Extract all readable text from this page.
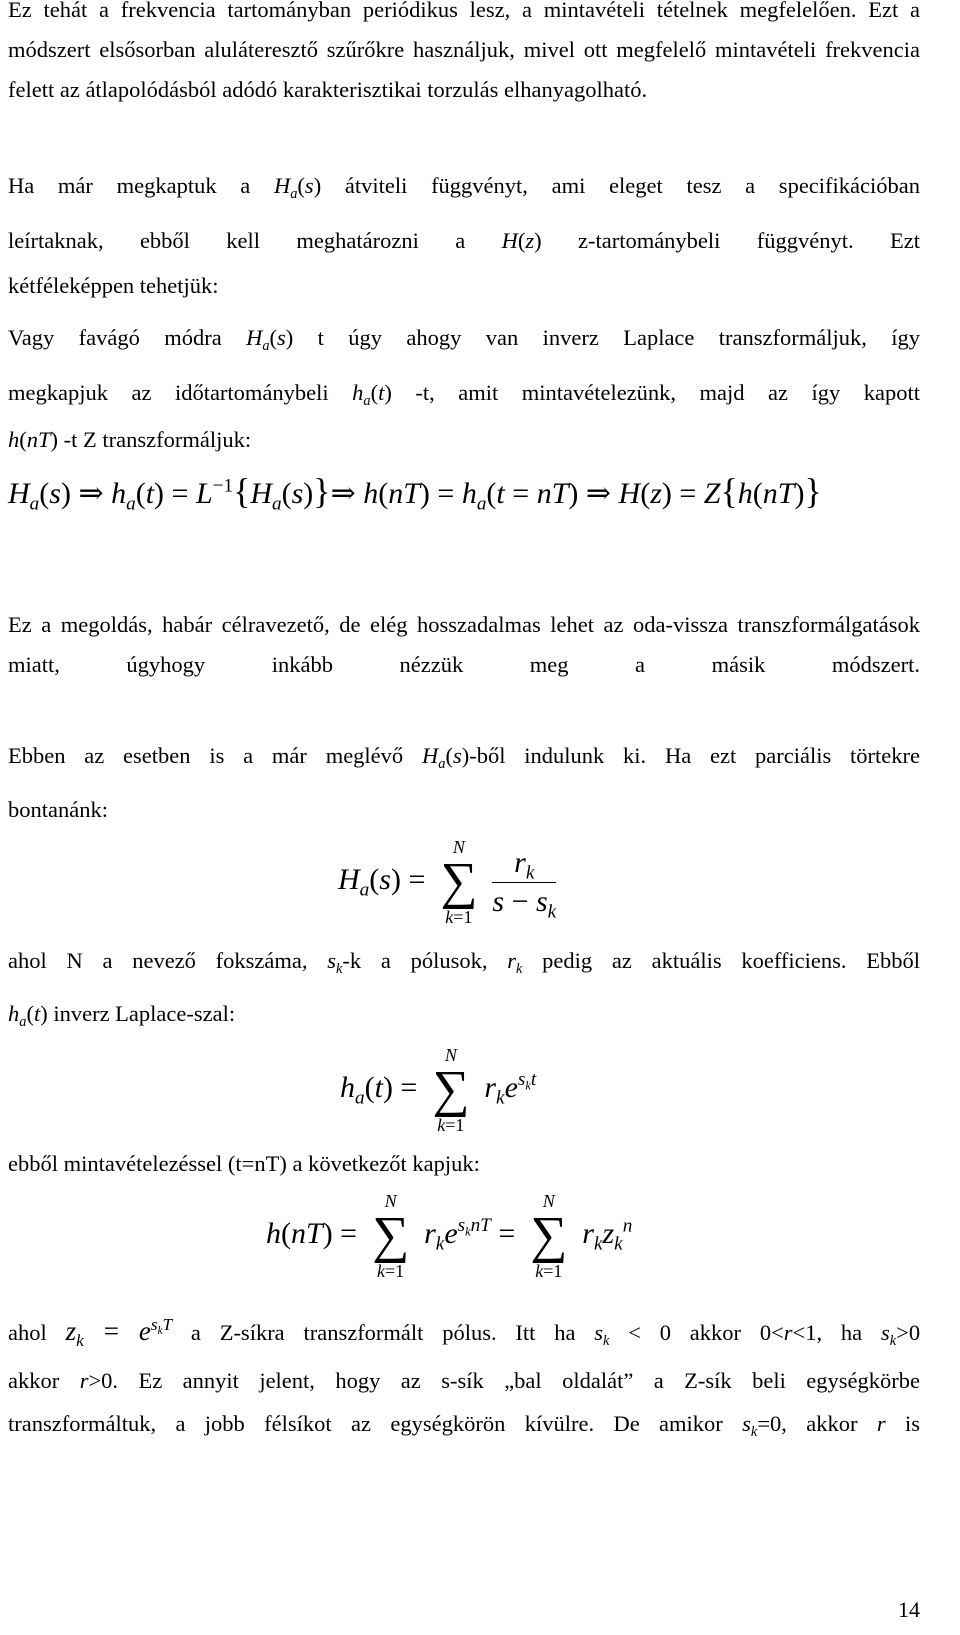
Ez tehát a frekvencia tartományban periódikus lesz, a mintavételi tételnek megfelelően. Ezt a módszert elsősorban aluláteresztő szűrőkre használjuk, mivel ott megfelelő mintavételi frekvencia felett az átlapolódásból adódó karakterisztikai torzulás elhanyagolható.
Ha már megkaptuk a $H_a(s)$ átviteli függvényt, ami eleget tesz a specifikációban
leírtaknak, ebből kell meghatározni a H(z) z-tartománybeli függvényt. Ezt
kétféleképpen tehetjük:
Vagy favágó módra $H_a(s)$ t úgy ahogy van inverz Laplace transzformáljuk, így
megkapjuk az időtartománybeli $h_a(t)$ -t, amit mintavételezünk, majd az így kapott
h(nT) -t Z transzformáljuk:
$H_a(s)$ ⇒ $h_a(t)$ = $L^{-1}\{H_a(s)\}\Rightarrow$ $h(nT) = h_a(t = nT)$ ⇒ H(z) = Z{h(nT)}
Ez a megoldás, habár célravezető, de elég hosszadalmas lehet az oda-vissza transzformálgatások miatt, úgyhogy inkább nézzük meg a másik módszert.
Ebben az esetben is a már meglévő $H_a(s)$-ből indulunk ki. Ha ezt parciális törtekre
bontanánk:
$H_a(s)$ =
N
∑
k=1
$\frac{r_k}{s - s_k}$
ahol N a nevező fokszáma, $s_k-k$ a pólusok, $r_k$ pedig az aktuális koefficiens. Ebből
$h_a(t)$ inverz Laplace-szal:
$h_a(t)$ =
N
∑
k=1
$r_ke^{s_kt}$
ebből mintavételezéssel (t=nT) a következőt kapjuk:
h(nT) =
N
∑
k=1
$r_ke^{s_knT}$ =
N
∑
k=1
$r_kz_k^n$
ahol $z_k = e^{s_kT}$ a Z-síkra transzformált pólus. Itt ha $s_k < 0$ akkor 0<r<1, ha $s_k>0$
akkor r>0. Ez annyit jelent, hogy az s-sík „bal oldalát” a Z-sík beli egységkörbe
transzformáltuk, a jobb félsíkot az egységkörön kívülre. De amikor $s_k=0$, akkor r is
14
